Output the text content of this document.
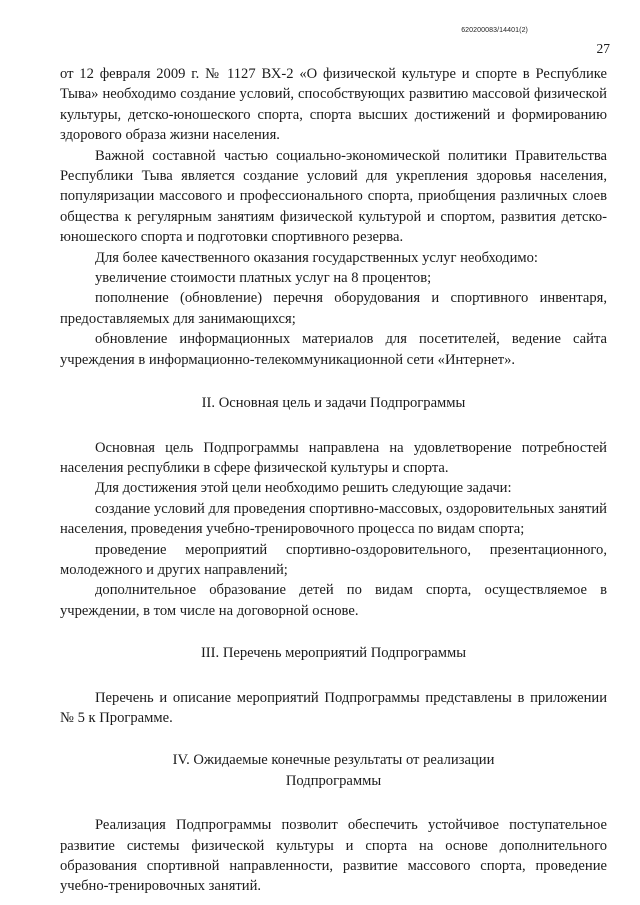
620200083/14401(2)
27

от 12 февраля 2009 г. № 1127 ВХ-2 «О физической культуре и спорте в Республике Тыва» необходимо создание условий, способствующих развитию массовой физической культуры, детско-юношеского спорта, спорта высших достижений и формированию здорового образа жизни населения.

Важной составной частью социально-экономической политики Правительства Республики Тыва является создание условий для укрепления здоровья населения, популяризации массового и профессионального спорта, приобщения различных слоев общества к регулярным занятиям физической культурой и спортом, развития детско-юношеского спорта и подготовки спортивного резерва.

Для более качественного оказания государственных услуг необходимо:

увеличение стоимости платных услуг на 8 процентов;

пополнение (обновление) перечня оборудования и спортивного инвентаря, предоставляемых для занимающихся;

обновление информационных материалов для посетителей, ведение сайта учреждения в информационно-телекоммуникационной сети «Интернет».

II. Основная цель и задачи Подпрограммы

Основная цель Подпрограммы направлена на удовлетворение потребностей населения республики в сфере физической культуры и спорта.

Для достижения этой цели необходимо решить следующие задачи:

создание условий для проведения спортивно-массовых, оздоровительных занятий населения, проведения учебно-тренировочного процесса по видам спорта;

проведение мероприятий спортивно-оздоровительного, презентационного, молодежного и других направлений;

дополнительное образование детей по видам спорта, осуществляемое в учреждении, в том числе на договорной основе.

III. Перечень мероприятий Подпрограммы

Перечень и описание мероприятий Подпрограммы представлены в приложении № 5 к Программе.

IV. Ожидаемые конечные результаты от реализации
Подпрограммы

Реализация Подпрограммы позволит обеспечить устойчивое поступательное развитие системы физической культуры и спорта на основе дополнительного образования спортивной направленности, развитие массового спорта, проведение учебно-тренировочных занятий.
